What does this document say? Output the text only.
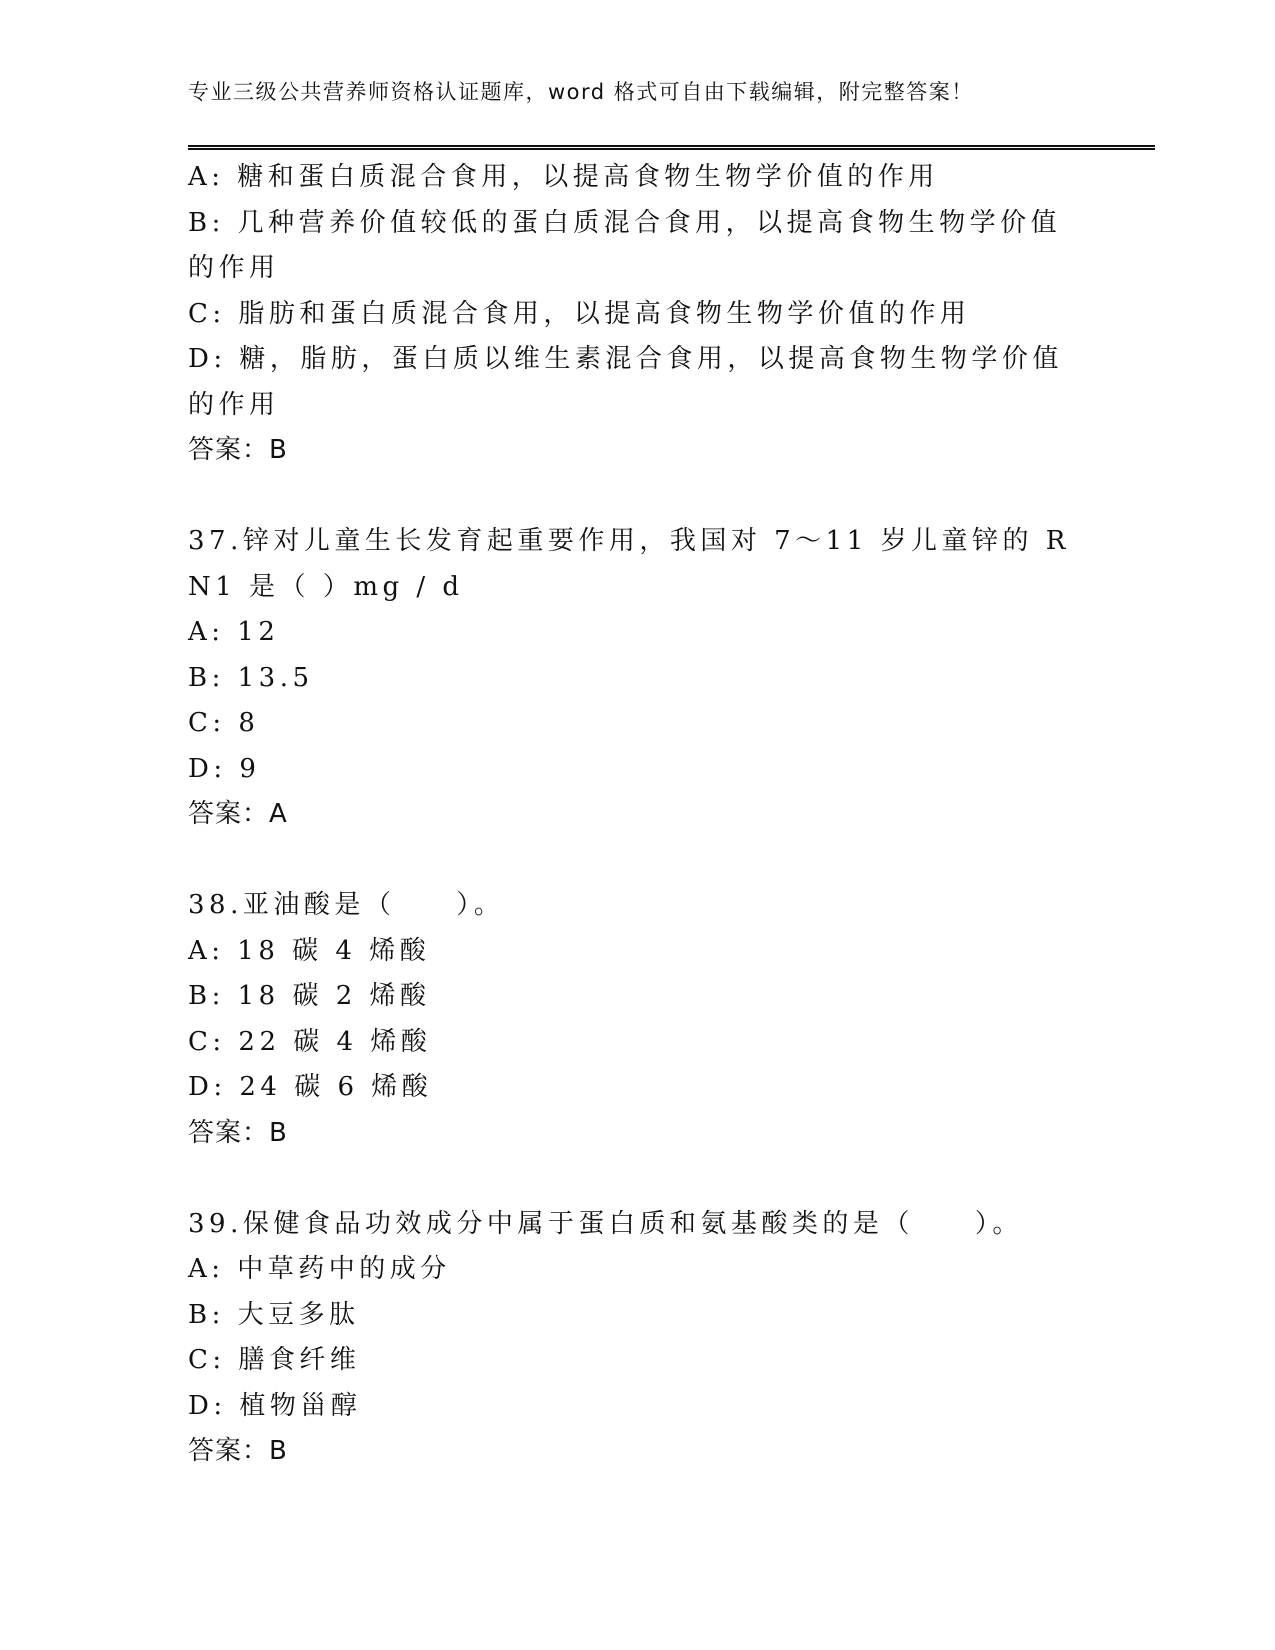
专业三级公共营养师资格认证题库，word 格式可自由下载编辑，附完整答案！
A: 糖和蛋白质混合食用，以提高食物生物学价值的作用
B: 几种营养价值较低的蛋白质混合食用，以提高食物生物学价值的作用
C: 脂肪和蛋白质混合食用，以提高食物生物学价值的作用
D: 糖，脂肪，蛋白质以维生素混合食用，以提高食物生物学价值的作用
答案：B
37.锌对儿童生长发育起重要作用，我国对 7～11 岁儿童锌的 RN1 是（ ）mg / d
A: 12
B: 13.5
C: 8
D: 9
答案：A
38.亚油酸是（　　）。
A: 18 碳 4 烯酸
B: 18 碳 2 烯酸
C: 22 碳 4 烯酸
D: 24 碳 6 烯酸
答案：B
39.保健食品功效成分中属于蛋白质和氨基酸类的是（　　）。
A: 中草药中的成分
B: 大豆多肽
C: 膳食纤维
D: 植物甾醇
答案：B
